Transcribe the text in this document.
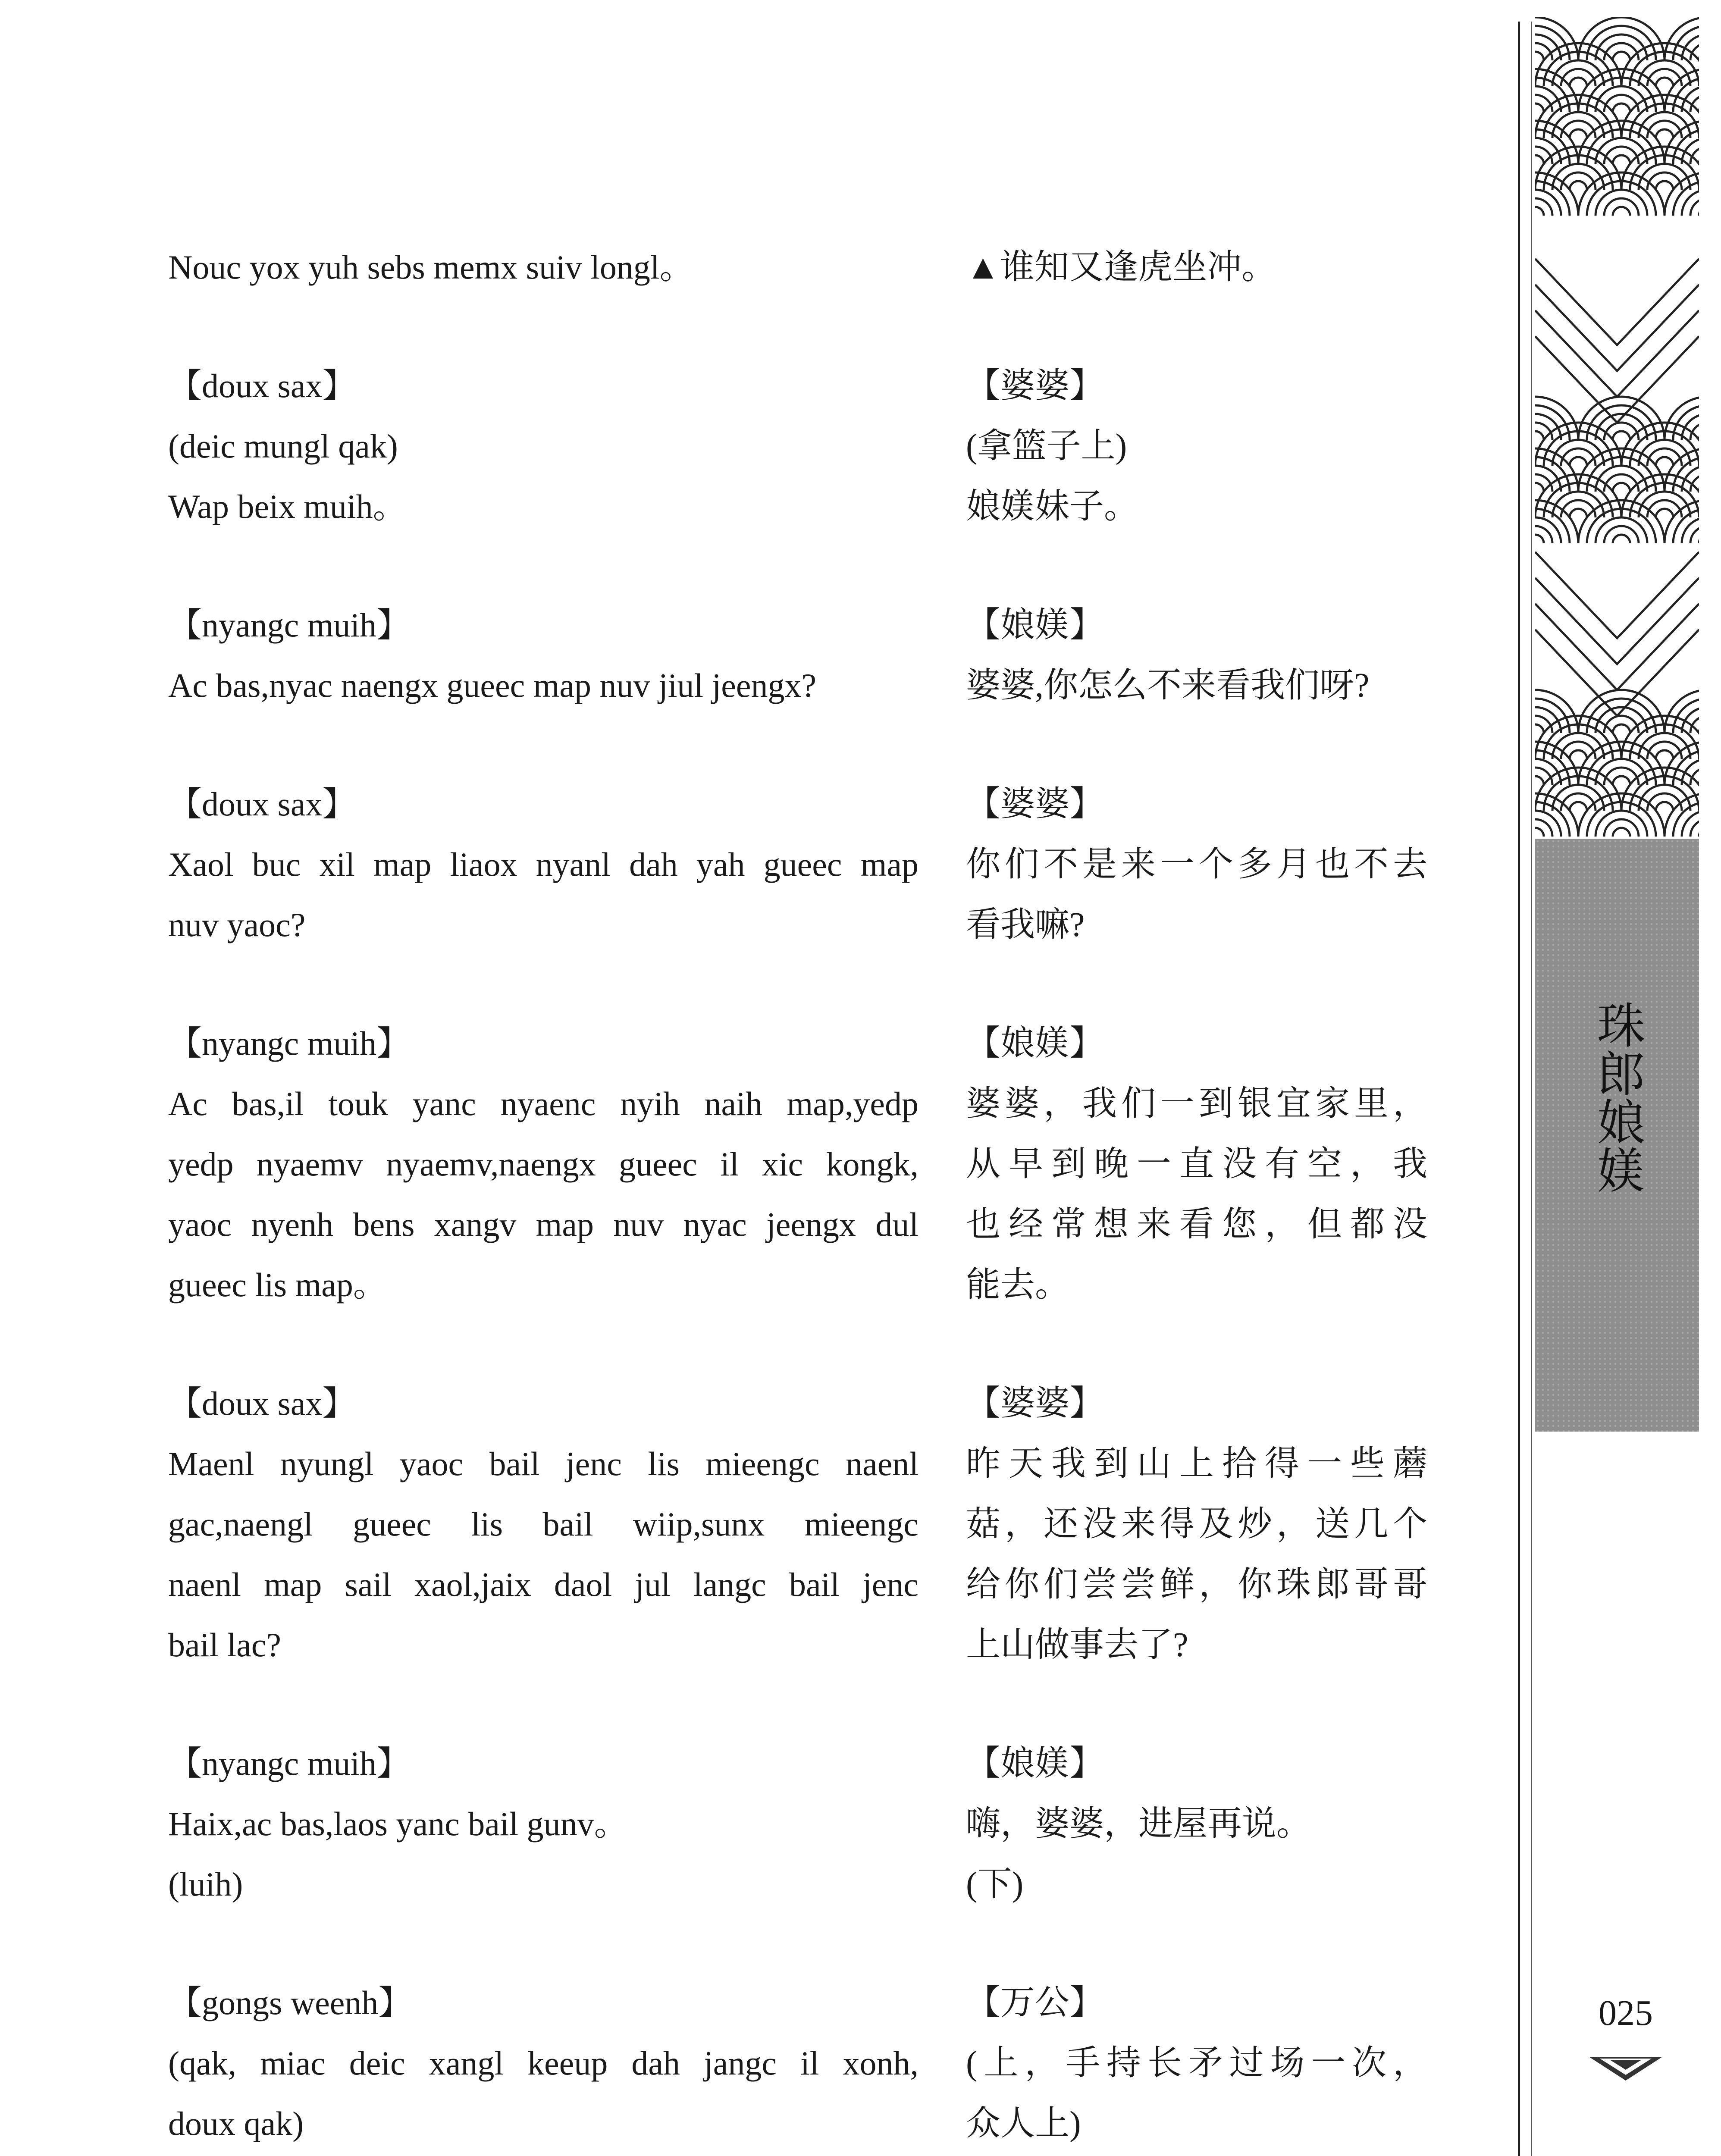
Nouc yox yuh sebs memx suiv longl。
【doux sax】
(deic mungl qak)
Wap beix muih。
【nyangc muih】
Ac bas,nyac naengx gueec map nuv jiul jeengx?
【doux sax】
Xaol buc xil map liaox nyanl dah yah gueec map
nuv yaoc?
【nyangc muih】
Ac bas,il touk yanc nyaenc nyih naih map,yedp
yedp nyaemv nyaemv,naengx gueec il xic kongk,
yaoc nyenh bens xangv map nuv nyac jeengx dul
gueec lis map。
【doux sax】
Maenl nyungl yaoc bail jenc lis mieengc naenl
gac,naengl gueec lis bail wiip,sunx mieengc
naenl map sail xaol,jaix daol jul langc bail jenc
bail lac?
【nyangc muih】
Haix,ac bas,laos yanc bail gunv。
(luih)
【gongs weenh】
(qak, miac deic xangl keeup dah jangc il xonh,
doux qak)
▲谁知又逢虎坐冲。
【婆婆】
(拿篮子上)
娘媄妹子。
【娘媄】
婆婆,你怎么不来看我们呀?
【婆婆】
你们不是来一个多月也不去
看我嘛?
【娘媄】
婆婆，我们一到银宜家里，
从早到晚一直没有空，我
也经常想来看您，但都没
能去。
【婆婆】
昨天我到山上拾得一些蘑
菇，还没来得及炒，送几个
给你们尝尝鲜，你珠郎哥哥
上山做事去了?
【娘媄】
嗨，婆婆，进屋再说。
(下)
【万公】
(上，手持长矛过场一次，
众人上)
珠郎娘媄
025
